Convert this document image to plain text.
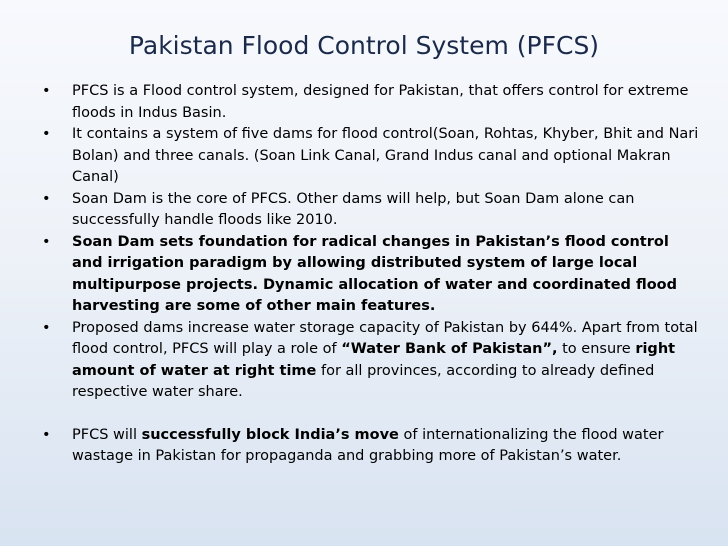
Pakistan Flood Control System (PFCS)
•	PFCS is a Flood control system, designed for Pakistan, that offers control for extreme floods in Indus Basin.
•	It contains a system of five dams for flood control(Soan, Rohtas, Khyber, Bhit and Nari Bolan) and three canals. (Soan Link Canal, Grand Indus canal and optional Makran Canal)
•	Soan Dam is the core of PFCS. Other dams will help, but Soan Dam alone can successfully handle floods like 2010.
•	Soan Dam sets foundation for radical changes in Pakistan’s flood control and irrigation paradigm by allowing distributed system of large local multipurpose projects. Dynamic allocation of water and coordinated flood harvesting are some of other main features.
•	Proposed dams increase water storage capacity of Pakistan by 644%. Apart from total flood control, PFCS will play a role of “Water Bank of Pakistan”, to ensure right amount of water at right time for all provinces, according to already defined respective water share.
•	PFCS will successfully block India’s move of internationalizing the flood water wastage in Pakistan for propaganda and grabbing more of Pakistan’s water.
